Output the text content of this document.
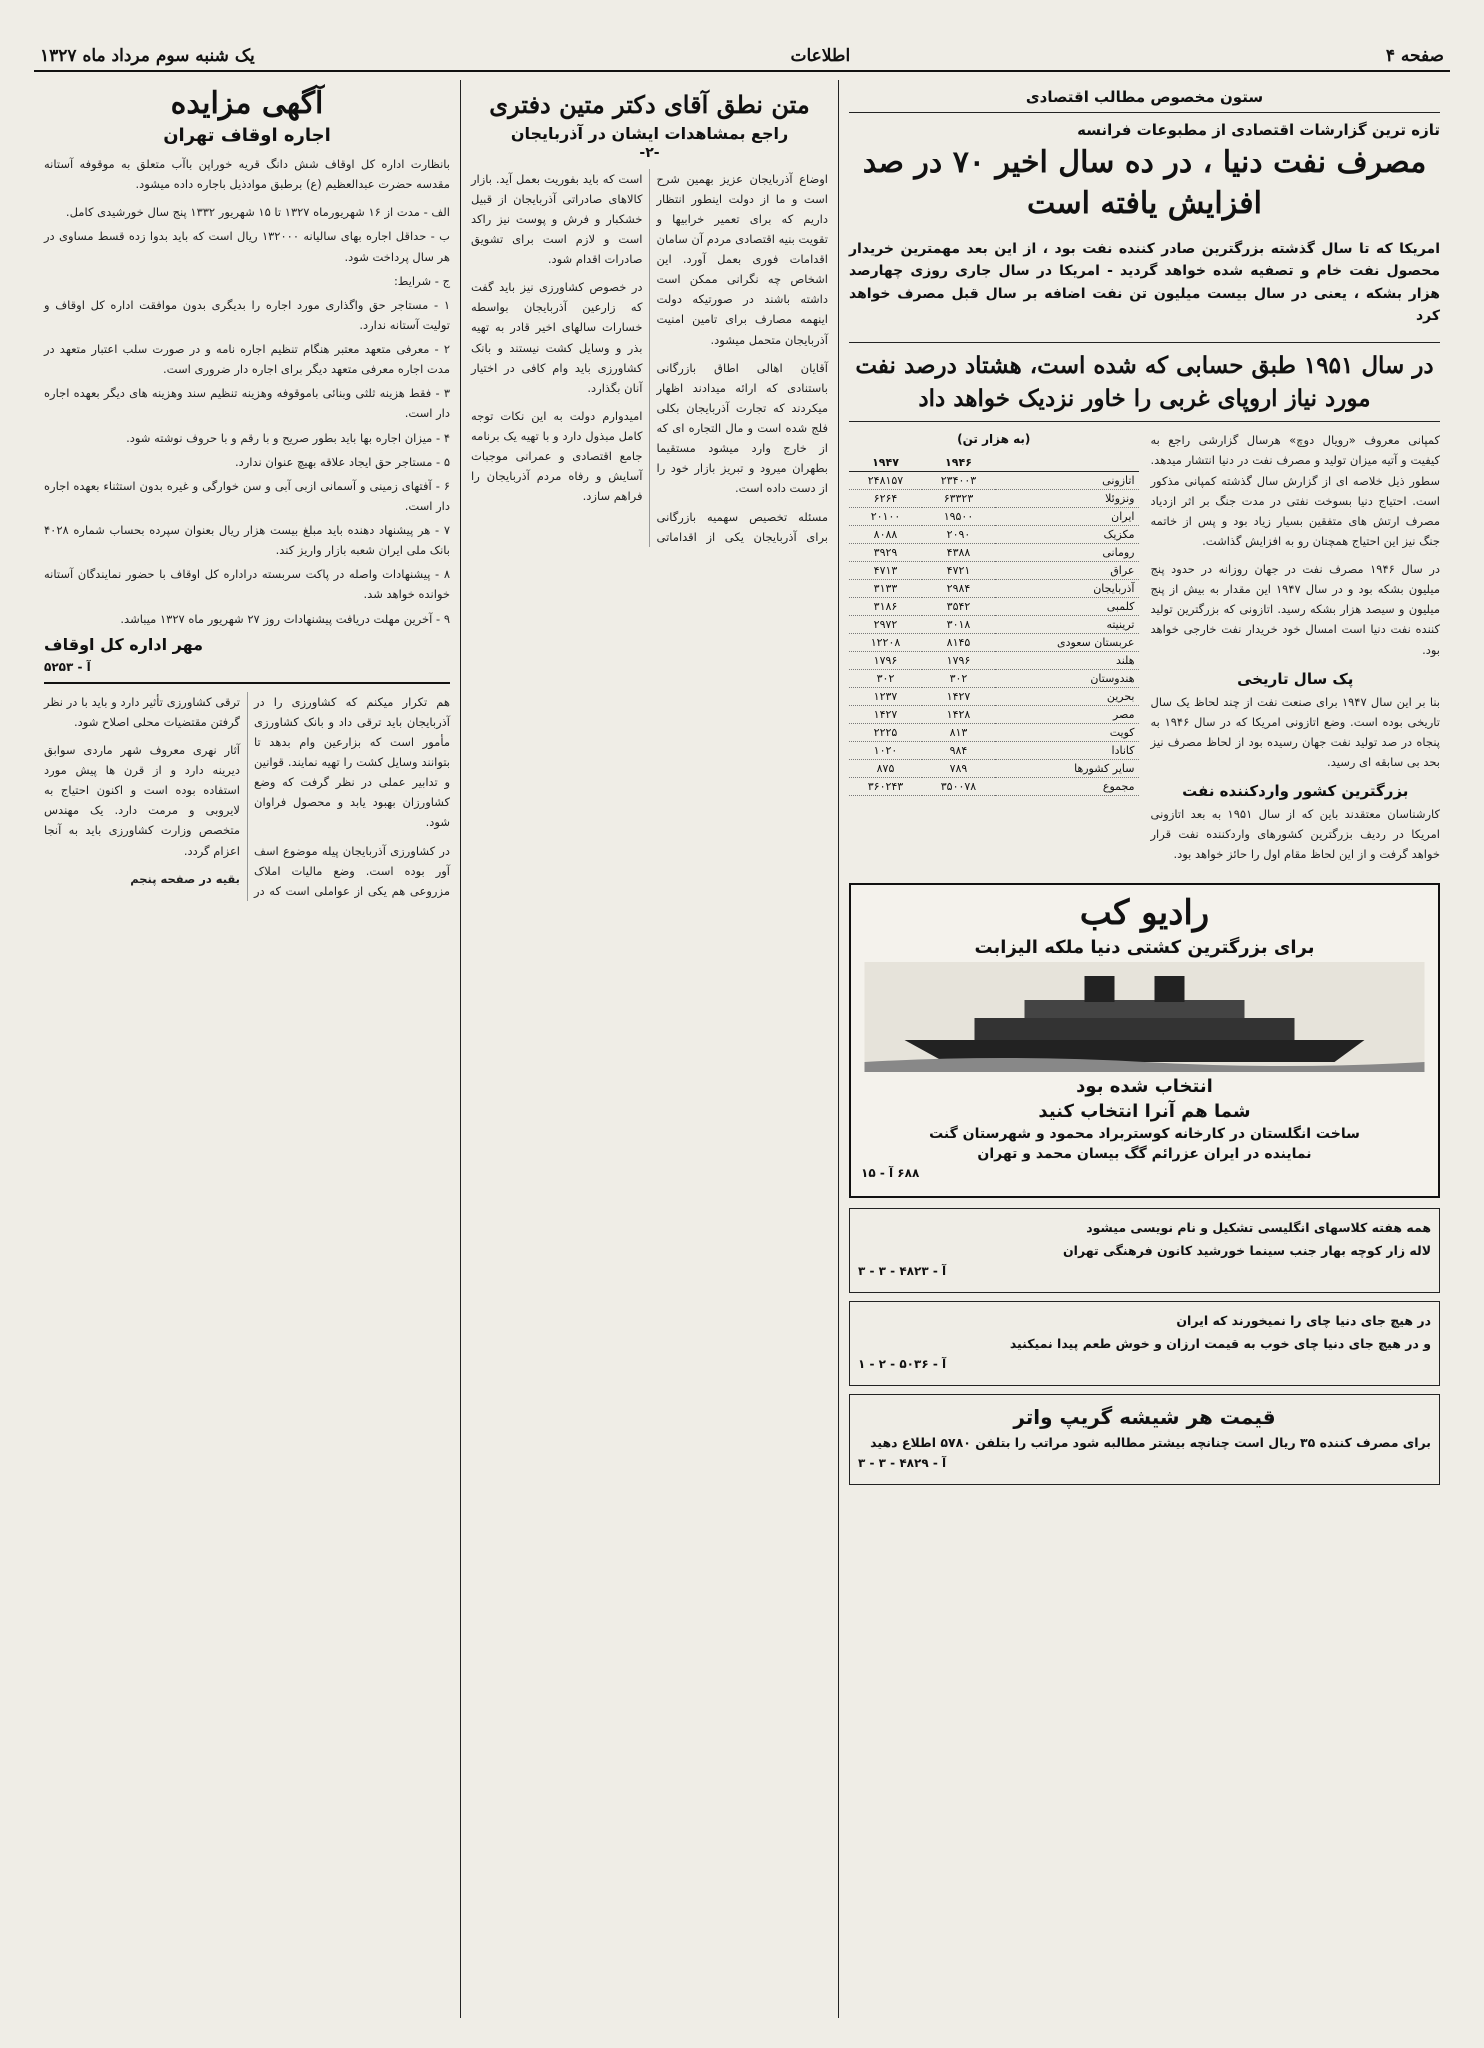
صفحه ۴
اطلاعات
یک شنبه سوم مرداد ماه ۱۳۲۷
ستون مخصوص مطالب اقتصادی
تازه ترین گزارشات اقتصادی از مطبوعات فرانسه
مصرف نفت دنیا ، در ده سال اخیر ۷۰ در صد افزایش یافته است

امریکا که تا سال گذشته بزرگترین صادر کننده نفت بود ، از این بعد مهمترین خریدار محصول نفت خام و تصفیه شده خواهد گردید - امریکا در سال جاری روزی چهارصد هزار بشکه ، یعنی در سال بیست میلیون تن نفت اضافه بر سال قبل مصرف خواهد کرد

در سال ۱۹۵۱ طبق حسابی که شده است، هشتاد درصد نفت مورد نیاز اروپای غربی را خاور نزدیک خواهد داد

کمپانی معروف «رویال دوچ» هرسال گزارشی راجع به کیفیت و آتیه میزان تولید و مصرف نفت در دنیا انتشار میدهد. سطور ذیل خلاصه ای از گزارش سال گذشته کمپانی مذکور است. احتیاج دنیا بسوخت نفتی در مدت جنگ بر اثر ازدیاد مصرف ارتش های متفقین بسیار زیاد بود و پس از خاتمه جنگ نیز این احتیاج همچنان رو به افزایش گذاشت.

در سال ۱۹۴۶ مصرف نفت در جهان روزانه در حدود پنج میلیون بشکه بود و در سال ۱۹۴۷ این مقدار به بیش از پنج میلیون و سیصد هزار بشکه رسید. اتازونی که بزرگترین تولید کننده نفت دنیا است امسال خود خریدار نفت خارجی خواهد بود.

پک سال تاریخی

بنا بر این سال ۱۹۴۷ برای صنعت نفت از چند لحاظ یک سال تاریخی بوده است. وضع اتازونی امریکا که در سال ۱۹۴۶ به پنجاه در صد تولید نفت جهان رسیده بود از لحاظ مصرف نیز بحد بی سابقه ای رسید.

بزرگترین کشور واردکننده نفت

کارشناسان معتقدند باین که از سال ۱۹۵۱ به بعد اتازونی امریکا در ردیف بزرگترین کشورهای واردکننده نفت قرار خواهد گرفت و از این لحاظ مقام اول را حائز خواهد بود.

(به هزار تن)
	۱۹۴۶	۱۹۴۷
اتازونی	۲۳۴۰۰۳	۲۴۸۱۵۷
ونزوئلا	۶۳۳۲۳	۶۲۶۴
ایران	۱۹۵۰۰	۲۰۱۰۰
مکزیک	۲۰۹۰	۸۰۸۸
رومانی	۴۳۸۸	۳۹۲۹
عراق	۴۷۲۱	۴۷۱۳
آذربایجان	۲۹۸۴	۳۱۳۳
کلمبی	۳۵۴۲	۳۱۸۶
ترینیته	۳۰۱۸	۲۹۷۲
عربستان سعودی	۸۱۴۵	۱۲۲۰۸
هلند	۱۷۹۶	۱۷۹۶
هندوستان	۳۰۲	۳۰۲
بحرین	۱۴۲۷	۱۲۳۷
مصر	۱۴۲۸	۱۴۲۷
کویت	۸۱۳	۲۲۲۵
کانادا	۹۸۴	۱۰۲۰
سایر کشورها	۷۸۹	۸۷۵
مجموع	۳۵۰۰۷۸	۳۶۰۲۴۳
رادیو کب
برای بزرگترین کشتی دنیا ملکه الیزابت
انتخاب شده بود
شما هم آنرا انتخاب کنید
ساخت انگلستان در کارخانه کوستربراد محمود و شهرستان گنت
نماینده در ایران عزرائم گگ بیسان محمد و تهران
۶۸۸ آ - ۱۵

همه هفته کلاسهای انگلیسی تشکیل و نام نویسی میشود

لاله زار کوچه بهار جنب سینما خورشید کانون فرهنگی تهران

آ - ۴۸۲۳ - ۳ - ۳

در هیچ جای دنیا چای را نمیخورند که ایران

و در هیچ جای دنیا چای خوب به قیمت ارزان و خوش طعم پیدا نمیکنید

آ - ۵۰۳۶ - ۲ - ۱
قیمت هر شیشه گریپ واتر

برای مصرف کننده ۳۵ ریال است چنانچه بیشتر مطالبه شود مراتب را بتلفن ۵۷۸۰ اطلاع دهید

آ - ۴۸۲۹ - ۳ - ۳
متن نطق آقای دکتر متین دفتری
راجع بمشاهدات ایشان در آذربایجان
-۲-

اوضاع آذربایجان عزیز بهمین شرح است و ما از دولت اینطور انتظار داریم که برای تعمیر خرابیها و تقویت بنیه اقتصادی مردم آن سامان اقدامات فوری بعمل آورد. این اشخاص چه نگرانی ممکن است داشته باشند در صورتیکه دولت اینهمه مصارف برای تامین امنیت آذربایجان متحمل میشود.

آقایان اهالی اطاق بازرگانی باستنادی که ارائه میدادند اظهار میکردند که تجارت آذربایجان بکلی فلج شده است و مال التجاره ای که از خارج وارد میشود مستقیما بطهران میرود و تبریز بازار خود را از دست داده است.

مسئله تخصیص سهمیه بازرگانی برای آذربایجان یکی از اقداماتی است که باید بفوریت بعمل آید. بازار کالاهای صادراتی آذربایجان از قبیل خشکبار و فرش و پوست نیز راکد است و لازم است برای تشویق صادرات اقدام شود.

در خصوص کشاورزی نیز باید گفت که زارعین آذربایجان بواسطه خسارات سالهای اخیر قادر به تهیه بذر و وسایل کشت نیستند و بانک کشاورزی باید وام کافی در اختیار آنان بگذارد.

امیدوارم دولت به این نکات توجه کامل مبذول دارد و با تهیه یک برنامه جامع اقتصادی و عمرانی موجبات آسایش و رفاه مردم آذربایجان را فراهم سازد.

آگهی مزایده
اجاره اوقاف تهران

بانظارت اداره کل اوقاف شش دانگ قریه خوراپن باآب متعلق به موقوفه آستانه مقدسه حضرت عبدالعظیم (ع) برطبق موادذیل باجاره داده میشود.

الف - مدت از ۱۶ شهریورماه ۱۳۲۷ تا ۱۵ شهریور ۱۳۳۲ پنج سال خورشیدی کامل.

ب - حداقل اجاره بهای سالیانه ۱۳۲۰۰۰ ریال است که باید بدوا زده قسط مساوی در هر سال پرداخت شود.

ج - شرایط:

۱ - مستاجر حق واگذاری مورد اجاره را بدیگری بدون موافقت اداره کل اوقاف و تولیت آستانه ندارد.

۲ - معرفی متعهد معتبر هنگام تنظیم اجاره نامه و در صورت سلب اعتبار متعهد در مدت اجاره معرفی متعهد دیگر برای اجاره دار ضروری است.

۳ - فقط هزینه ثلثی وبنائی باموقوفه وهزینه تنظیم سند وهزینه های دیگر بعهده اجاره دار است.

۴ - میزان اجاره بها باید بطور صریح و با رقم و با حروف نوشته شود.

۵ - مستاجر حق ایجاد علاقه بهیچ عنوان ندارد.

۶ - آفتهای زمینی و آسمانی ازبی آبی و سن خوارگی و غیره بدون استثناء بعهده اجاره دار است.

۷ - هر پیشنهاد دهنده باید مبلغ بیست هزار ریال بعنوان سپرده بحساب شماره ۴۰۲۸ بانک ملی ایران شعبه بازار واریز کند.

۸ - پیشنهادات واصله در پاکت سربسته دراداره کل اوقاف با حضور نمایندگان آستانه خوانده خواهد شد.

۹ - آخرین مهلت دریافت پیشنهادات روز ۲۷ شهریور ماه ۱۳۲۷ میباشد.

مهر اداره کل اوقاف
آ - ۵۲۵۳

هم تکرار میکنم که کشاورزی را در آذربایجان باید ترقی داد و بانک کشاورزی مأمور است که بزارعین وام بدهد تا بتوانند وسایل کشت را تهیه نمایند. قوانین و تدابیر عملی در نظر گرفت که وضع کشاورزان بهبود یابد و محصول فراوان شود.

در کشاورزی آذربایجان پیله موضوع اسف آور بوده است. وضع مالیات املاک مزروعی هم یکی از عواملی است که در ترقی کشاورزی تأثیر دارد و باید با در نظر گرفتن مقتضیات محلی اصلاح شود.

آثار نهری معروف شهر ماردی سوابق دیرینه دارد و از قرن ها پیش مورد استفاده بوده است و اکنون احتیاج به لایروبی و مرمت دارد. یک مهندس متخصص وزارت کشاورزی باید به آنجا اعزام گردد.

بقیه در صفحه پنجم
